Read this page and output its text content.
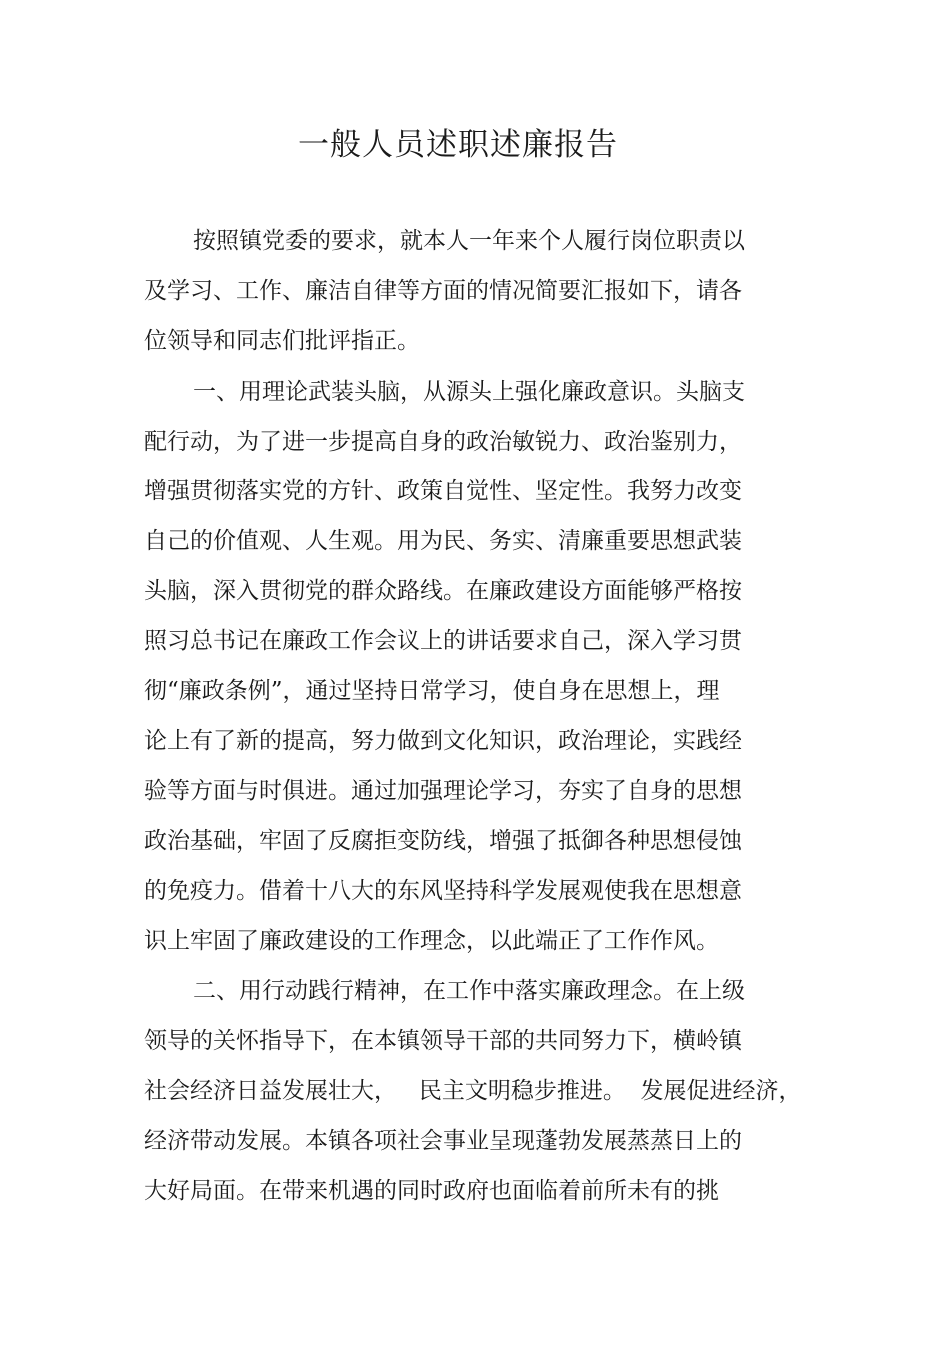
一般人员述职述廉报告

按照镇党委的要求，就本人一年来个人履行岗位职责以

及学习、工作、廉洁自律等方面的情况简要汇报如下，请各

位领导和同志们批评指正。

一、用理论武装头脑，从源头上强化廉政意识。头脑支

配行动，为了进一步提高自身的政治敏锐力、政治鉴别力，

增强贯彻落实党的方针、政策自觉性、坚定性。我努力改变

自己的价值观、人生观。用为民、务实、清廉重要思想武装

头脑，深入贯彻党的群众路线。在廉政建设方面能够严格按

照习总书记在廉政工作会议上的讲话要求自己，深入学习贯

彻“廉政条例”，通过坚持日常学习，使自身在思想上，理

论上有了新的提高，努力做到文化知识，政治理论，实践经

验等方面与时俱进。通过加强理论学习，夯实了自身的思想

政治基础，牢固了反腐拒变防线，增强了抵御各种思想侵蚀

的免疫力。借着十八大的东风坚持科学发展观使我在思想意

识上牢固了廉政建设的工作理念，以此端正了工作作风。

二、用行动践行精神，在工作中落实廉政理念。在上级

领导的关怀指导下，在本镇领导干部的共同努力下，横岭镇

社会经济日益发展壮大，   民主文明稳步推进。  发展促进经济，

经济带动发展。本镇各项社会事业呈现蓬勃发展蒸蒸日上的

大好局面。在带来机遇的同时政府也面临着前所未有的挑
